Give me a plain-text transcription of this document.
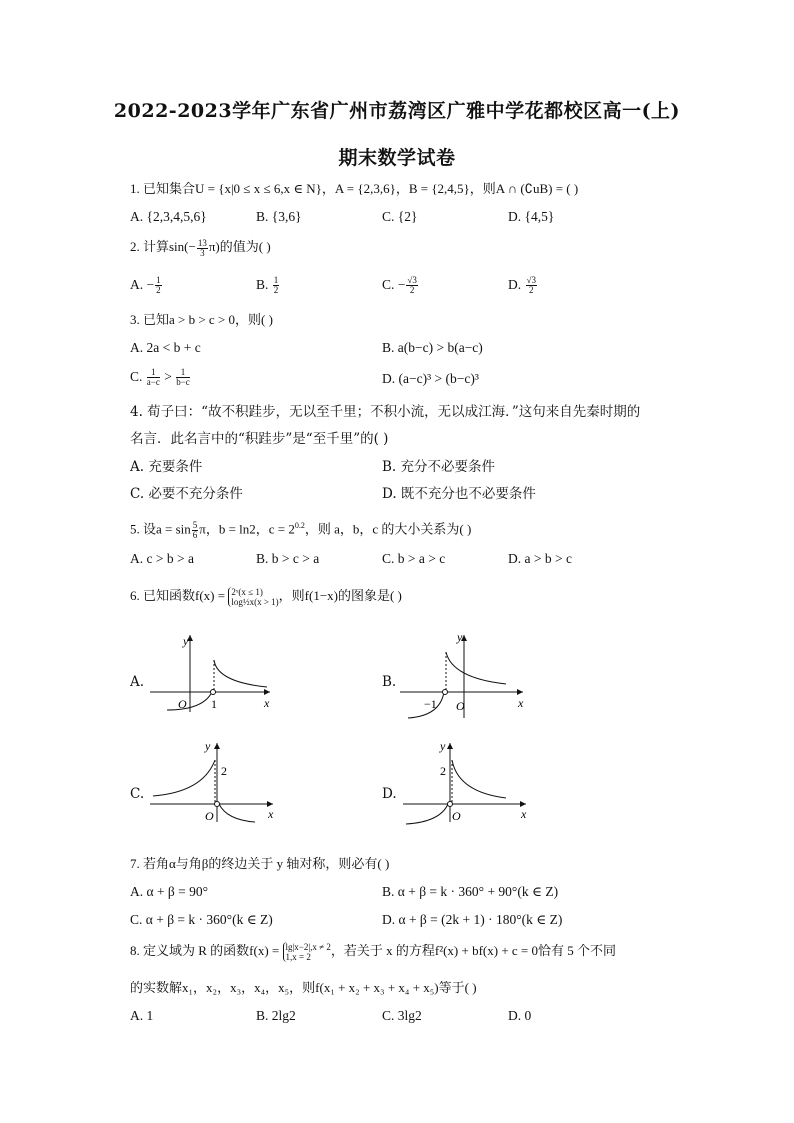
2022-2023学年广东省广州市荔湾区广雅中学花都校区高一(上)
期末数学试卷
1. 已知集合U = {x|0 ≤ x ≤ 6,x ∈ N}，A = {2,3,6}，B = {2,4,5}，则A ∩ (∁uB) = ( )
A. {2,3,4,5,6}	B. {3,6}	C. {2}	D. {4,5}
2. 计算$\sin(- \frac{13}{3} \pi)$的值为( )
A. − $\frac{1}{2}$	B. $\frac{1}{2}$	C. − $\frac{√3}{2}$	D. $\frac{√3}{2}$
3. 已知a > b > c > 0，则( )
A. 2a < b + c	B. a(b−c) > b(a−c)
C. $\frac{1}{a-c} > \frac{1}{b-c}$	D. (a−c)³ > (b−c)³
4. 荀子曰：“故不积跬步，无以至千里；不积小流，无以成江海．”这句来自先秦时期的
名言．此名言中的“积跬步”是“至千里”的( )
A. 充要条件	B. 充分不必要条件
C. 必要不充分条件	D. 既不充分也不必要条件
5. 设$a = \sin \frac{5}{6}$ π，b = ln2，$c = 2^{0.2}$，则 a，b，c 的大小关系为( )
A. c > b > a	B. b > c > a	C. b > a > c	D. a > b > c
6. 已知函数f(x) = 2ˣ(x ≤ 1)
log½x(x > 1) ，则f(1−x)的图象是( )
A.	B.
C.	D.
y
x
O 1
y
x
O
−1
y
x
O
2
y
x
O
2
7. 若角α与角β的终边关于 y 轴对称，则必有( )
A. α + β = 90°	B. α + β = k · 360° + 90°(k ∈ Z)
C. α + β = k · 360°(k ∈ Z)	D. α + β = (2k + 1) · 180°(k ∈ Z)
8. 定义域为 R 的函数f(x) = lg|x−2|,x ≠ 2
1,x = 2	，若关于 x 的方程f²(x) + bf(x) + c = 0恰有 5 个不同
的实数解x₁，x₂，x₃，x₄，x₅，则f(x₁ + x₂ + x₃ + x₄ + x₅)等于( )
A. 1	B. 2lg2	C. 3lg2	D. 0
